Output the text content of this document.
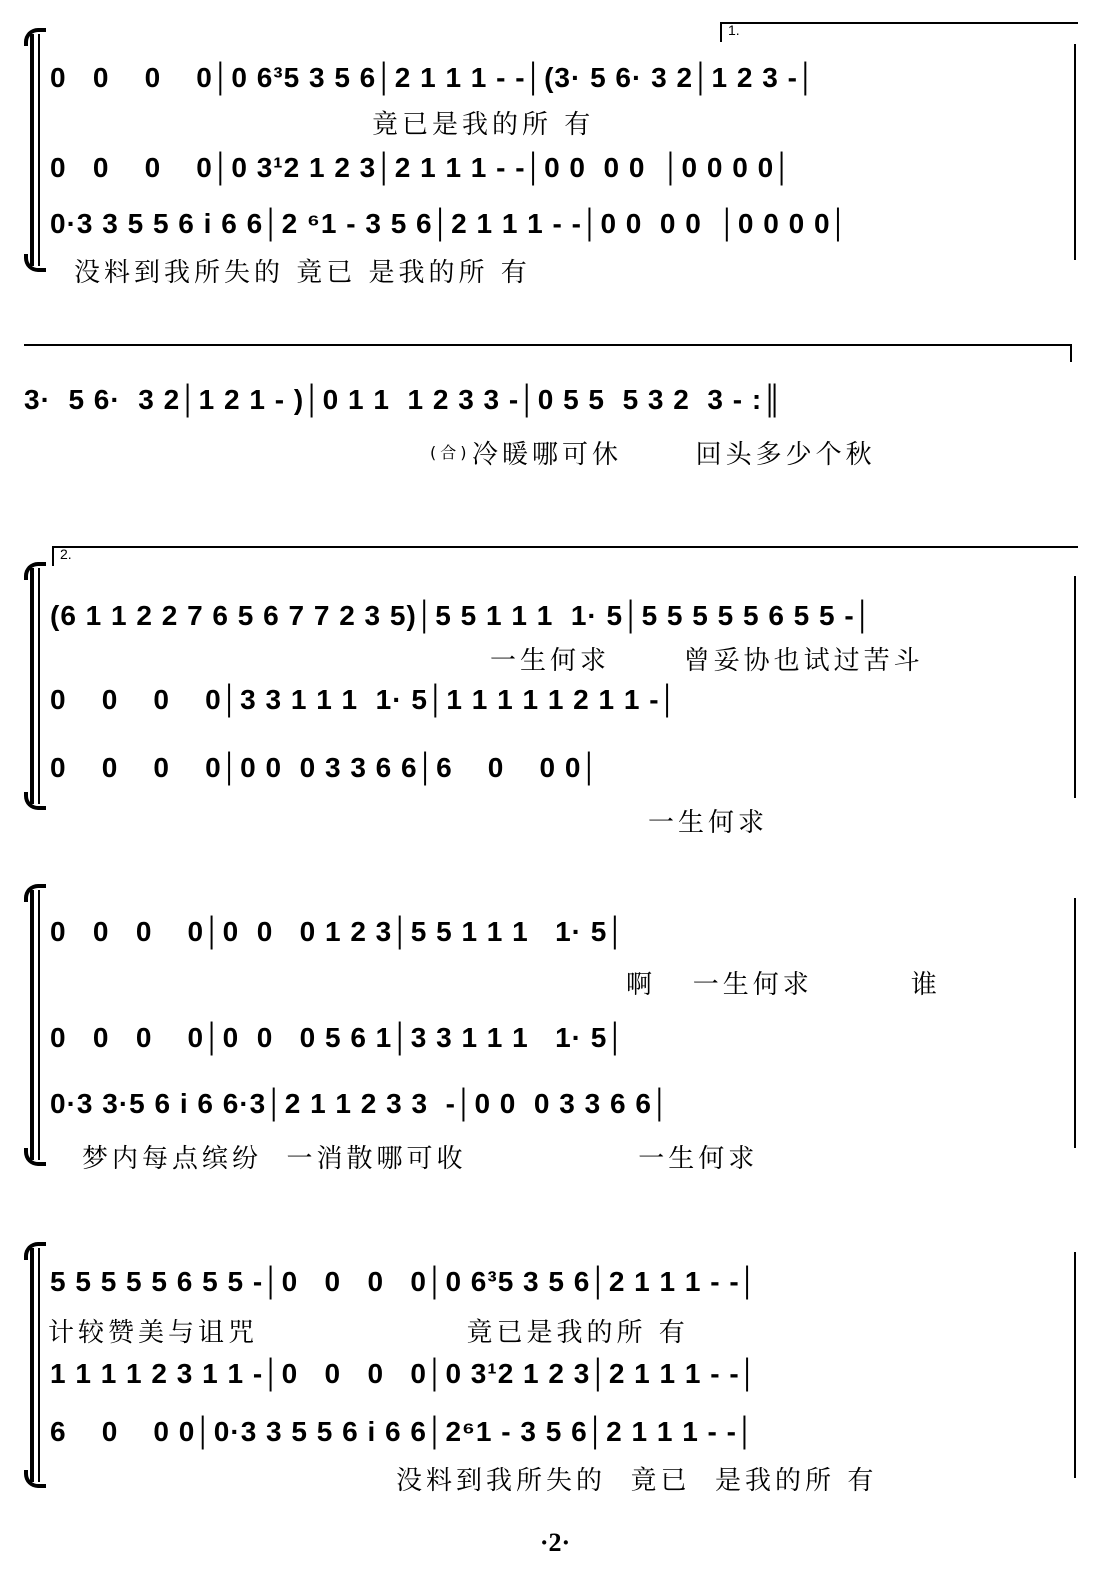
1.
0   0    0    0│0 6³5 3 5 6│2 1 1 1 - -│(3· 5 6· 3 2│1 2 3 -│
竟已是我的所 有
0   0    0    0│0 3¹2 1 2 3│2 1 1 1 - -│0 0  0 0  │0 0 0 0│
0·3 3 5 5 6 i 6 6│2 ⁶1 - 3 5 6│2 1 1 1 - -│0 0  0 0  │0 0 0 0│
没料到我所失的 竟已 是我的所 有
3·  5 6·  3 2│1 2 1 - )│0 1 1  1 2 3 3 -│0 5 5  5 3 2  3 - :║
(合) 冷暖哪可休      回头多少个秋
2.
(6 1 1 2 2 7 6 5 6 7 7 2 3 5)│5 5 1 1 1  1· 5│5 5 5 5 5 6 5 5 -│
一生何求      曾妥协也试过苦斗
0    0    0    0│3 3 1 1 1  1· 5│1 1 1 1 1 2 1 1 -│
0    0    0    0│0 0  0 3 3 6 6│6    0    0 0│
一生何求
0   0   0    0│0  0   0 1 2 3│5 5 1 1 1   1· 5│
啊   一生何求        谁
0   0   0    0│0  0   0 5 6 1│3 3 1 1 1   1· 5│
0·3 3·5 6 i 6 6·3│2 1 1 2 3 3  -│0 0  0 3 3 6 6│
梦内每点缤纷  一消散哪可收              一生何求
5 5 5 5 5 6 5 5 -│0   0   0   0│0 6³5 3 5 6│2 1 1 1 - -│
计较赞美与诅咒                 竟已是我的所 有
1 1 1 1 2 3 1 1 -│0   0   0   0│0 3¹2 1 2 3│2 1 1 1 - -│
6    0    0 0│0·3 3 5 5 6 i 6 6│2⁶1 - 3 5 6│2 1 1 1 - -│
没料到我所失的  竟已  是我的所 有
·2·
